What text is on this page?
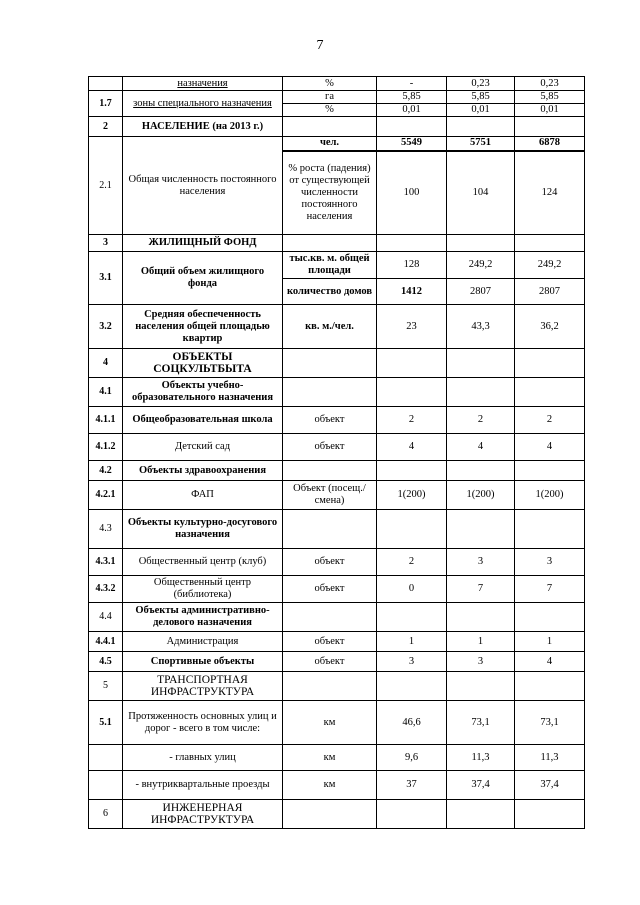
7
	назначения	%	-	0,23	0,23
1.7	зоны специального назначения	га	5,85	5,85	5,85
		%	0,01	0,01	0,01
2	НАСЕЛЕНИЕ (на 2013 г.)				
2.1	Общая численность постоянного населения	чел.	5549	5751	6878
		% роста (падения) от существующей численности постоянного населения	100	104	124
3	ЖИЛИЩНЫЙ ФОНД				
3.1	Общий объем жилищного фонда	тыс.кв. м. общей площади	128	249,2	249,2
		количество домов	1412	2807	2807
3.2	Средняя обеспеченность населения общей площадью квартир	кв. м./чел.	23	43,3	36,2
4	ОБЪЕКТЫ СОЦКУЛЬТБЫТА				
4.1	Объекты учебно-образовательного назначения				
4.1.1	Общеобразовательная школа	объект	2	2	2
4.1.2	Детский сад	объект	4	4	4
4.2	Объекты здравоохранения				
4.2.1	ФАП	Объект (посещ./смена)	1(200)	1(200)	1(200)
4.3	Объекты культурно-досугового назначения				
4.3.1	Общественный центр (клуб)	объект	2	3	3
4.3.2	Общественный центр (библиотека)	объект	0	7	7
4.4	Объекты административно-делового назначения				
4.4.1	Администрация	объект	1	1	1
4.5	Спортивные объекты	объект	3	3	4
5	ТРАНСПОРТНАЯ ИНФРАСТРУКТУРА				
5.1	Протяженность основных улиц и дорог - всего в том числе:	км	46,6	73,1	73,1
	- главных улиц	км	9,6	11,3	11,3
	- внутриквартальные проезды	км	37	37,4	37,4
6	ИНЖЕНЕРНАЯ ИНФРАСТРУКТУРА				
